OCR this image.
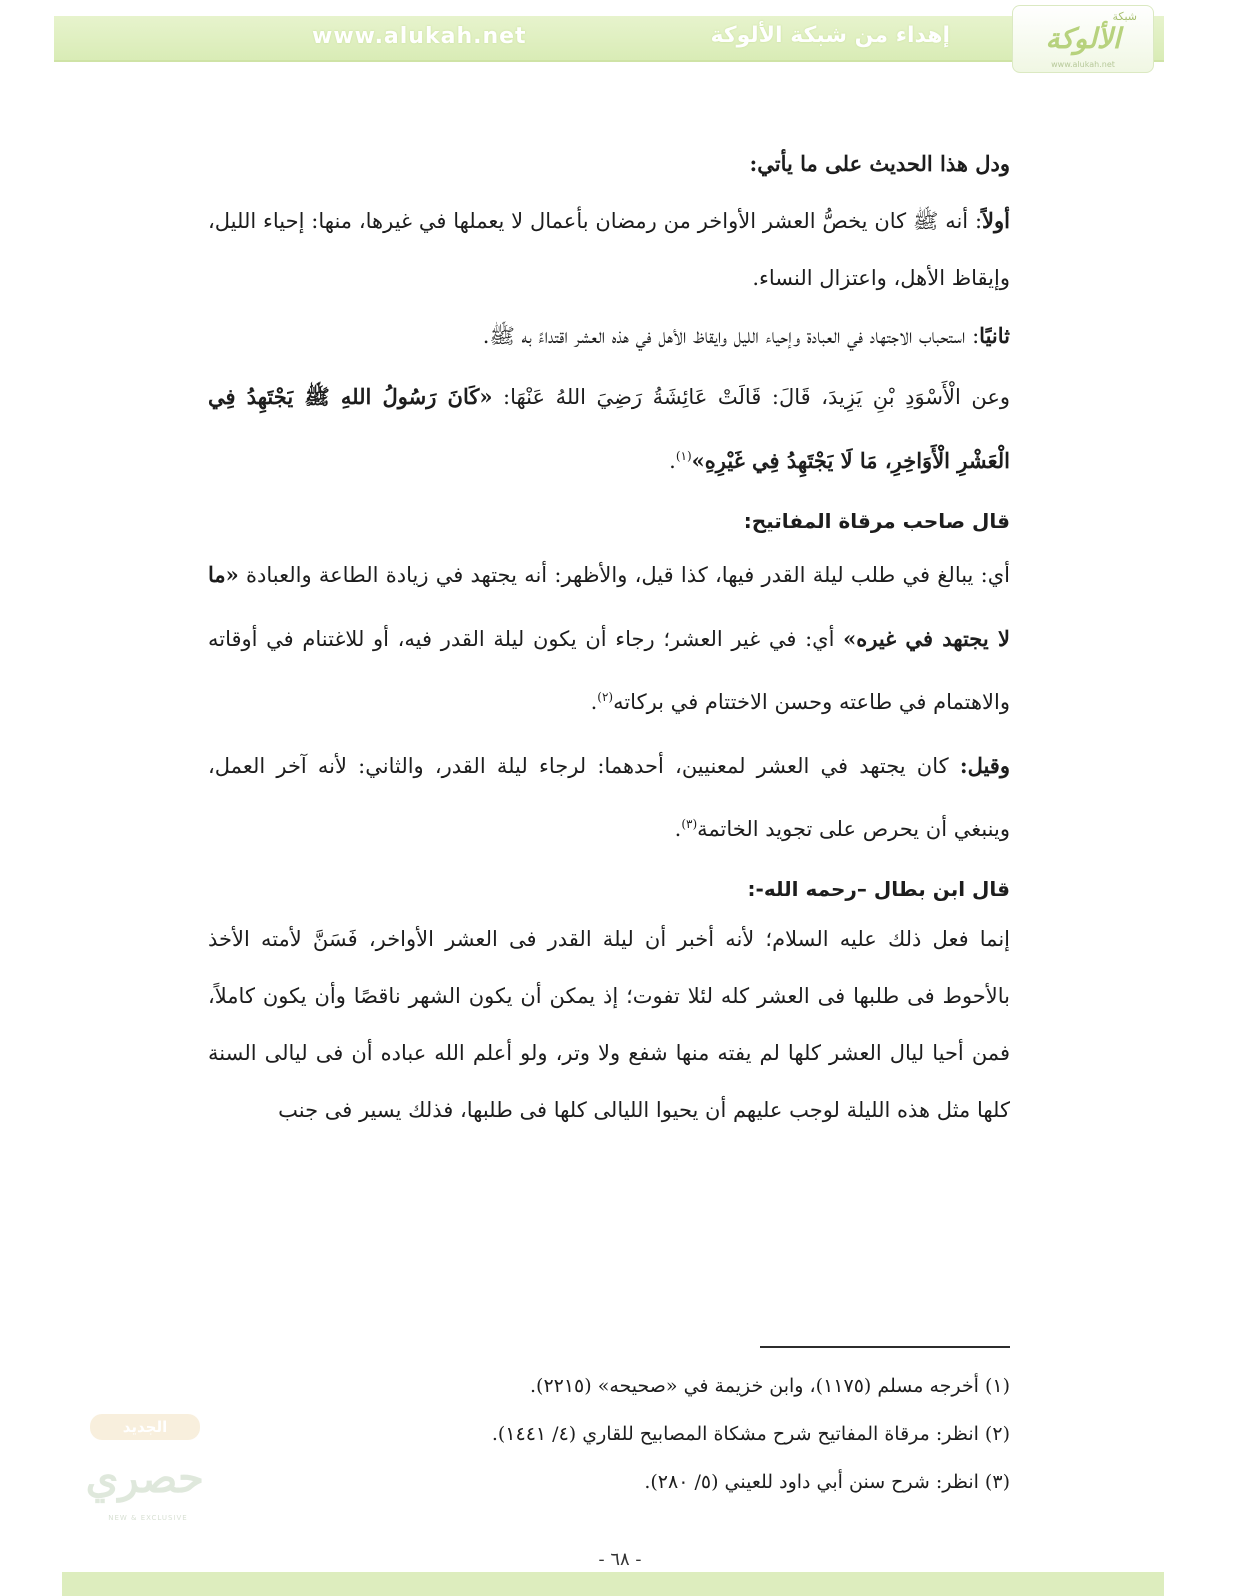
www.alukah.net	إهداء من شبكة الألوكة
شبكة
الألوكة
www.alukah.net

ودل هذا الحديث على ما يأتي:

أولاً: أنه ﷺ كان يخصُّ العشر الأواخر من رمضان بأعمال لا يعملها في غيرها، منها: إحياء الليل، وإيقاظ الأهل، واعتزال النساء.

ثانيًا: استحباب الاجتهاد في العبادة وإحياء الليل وايقاظ الأهل في هذه العشر اقتداءً به ﷺ.

وعن الْأَسْوَدِ بْنِ يَزِيدَ، قَالَ: قَالَتْ عَائِشَةُ رَضِيَ اللهُ عَنْهَا: «كَانَ رَسُولُ اللهِ ﷺ يَجْتَهِدُ فِي الْعَشْرِ الْأَوَاخِرِ، مَا لَا يَجْتَهِدُ فِي غَيْرِهِ»$^{(١)}$.

قال صاحب مرقاة المفاتيح:

أي: يبالغ في طلب ليلة القدر فيها، كذا قيل، والأظهر: أنه يجتهد في زيادة الطاعة والعبادة «ما لا يجتهد في غيره» أي: في غير العشر؛ رجاء أن يكون ليلة القدر فيه، أو للاغتنام في أوقاته والاهتمام في طاعته وحسن الاختتام في بركاته$^{(٢)}$.

وقيل: كان يجتهد في العشر لمعنيين، أحدهما: لرجاء ليلة القدر، والثاني: لأنه آخر العمل، وينبغي أن يحرص على تجويد الخاتمة$^{(٣)}$.

قال ابن بطال –رحمه الله-:

إنما فعل ذلك عليه السلام؛ لأنه أخبر أن ليلة القدر فى العشر الأواخر، فَسَنَّ لأمته الأخذ بالأحوط فى طلبها فى العشر كله لئلا تفوت؛ إذ يمكن أن يكون الشهر ناقصًا وأن يكون كاملاً، فمن أحيا ليال العشر كلها لم يفته منها شفع ولا وتر، ولو أعلم الله عباده أن فى ليالى السنة كلها مثل هذه الليلة لوجب عليهم أن يحيوا الليالى كلها فى طلبها، فذلك يسير فى جنب

(١) أخرجه مسلم (١١٧٥)، وابن خزيمة في «صحيحه» (٢٢١٥).

(٢) انظر: مرقاة المفاتيح شرح مشكاة المصابيح للقاري (٤/ ١٤٤١).

(٣) انظر: شرح سنن أبي داود للعيني (٥/ ٢٨٠).

الجديد
حصري
NEW & EXCLUSIVE
- ٦٨ -
